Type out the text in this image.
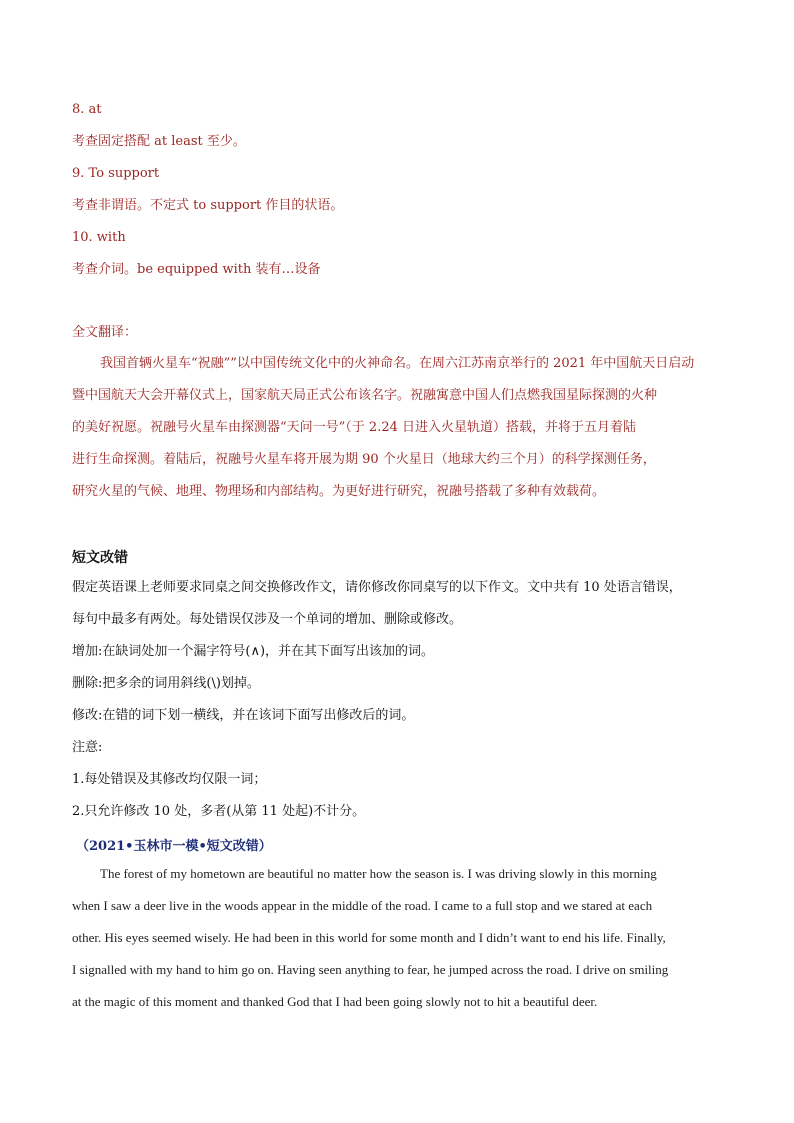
8. at
考查固定搭配 at least 至少。
9. To support
考查非谓语。不定式 to support 作目的状语。
10. with
考查介词。be equipped with 装有…设备
全文翻译：
我国首辆火星车“祝融””以中国传统文化中的火神命名。在周六江苏南京举行的 2021 年中国航天日启动
暨中国航天大会开幕仪式上，国家航天局正式公布该名字。祝融寓意中国人们点燃我国星际探测的火种
的美好祝愿。祝融号火星车由探测器“天问一号”（于 2.24 日进入火星轨道）搭载，并将于五月着陆
进行生命探测。着陆后，祝融号火星车将开展为期 90 个火星日（地球大约三个月）的科学探测任务，
研究火星的气候、地理、物理场和内部结构。为更好进行研究，祝融号搭载了多种有效载荷。
短文改错
假定英语课上老师要求同桌之间交换修改作文，请你修改你同桌写的以下作文。文中共有 10 处语言错误，
每句中最多有两处。每处错误仅涉及一个单词的增加、删除或修改。
增加:在缺词处加一个漏字符号(∧)，并在其下面写出该加的词。
删除:把多余的词用斜线(\)划掉。
修改:在错的词下划一横线，并在该词下面写出修改后的词。
注意:
1.每处错误及其修改均仅限一词；
2.只允许修改 10 处，多者(从第 11 处起)不计分。
（2021•玉林市一模•短文改错）
The forest of my hometown are beautiful no matter how the season is. I was driving slowly in this morning
when I saw a deer live in the woods appear in the middle of the road. I came to a full stop and we stared at each
other. His eyes seemed wisely. He had been in this world for some month and I didn’t want to end his life. Finally,
I signalled with my hand to him go on. Having seen anything to fear, he jumped across the road. I drive on smiling
at the magic of this moment and thanked God that I had been going slowly not to hit a beautiful deer.
